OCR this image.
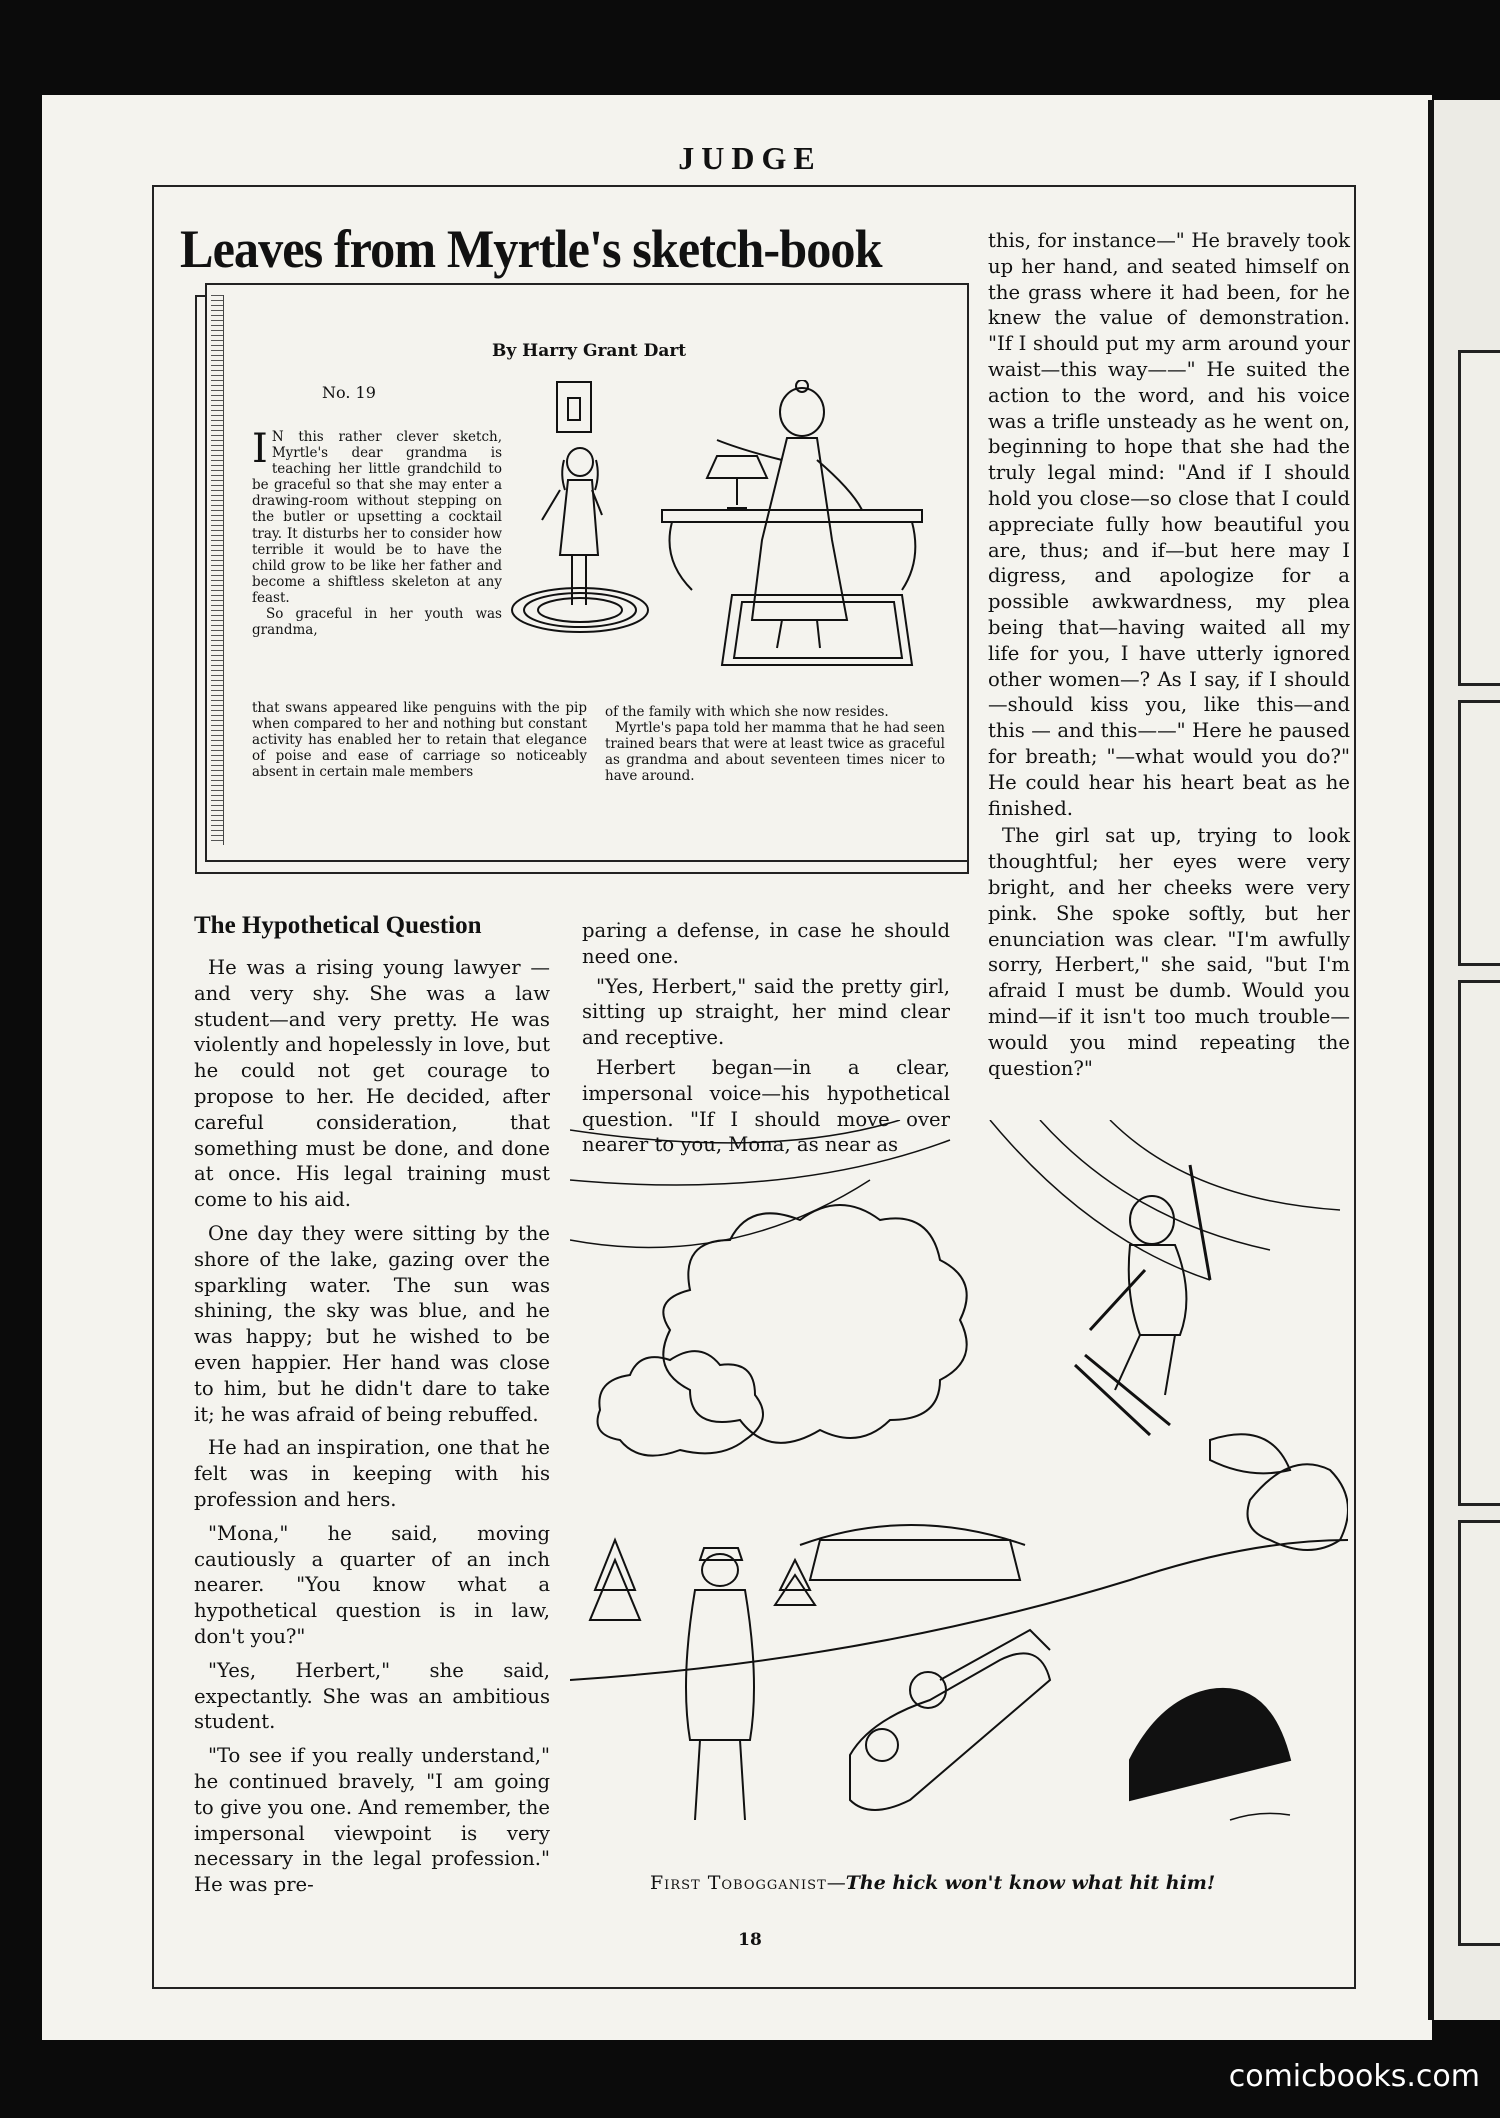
JUDGE
Leaves from Myrtle's sketch-book
By Harry Grant Dart
No. 19

I N this rather clever sketch, Myrtle's dear grandma is teaching her little grandchild to be graceful so that she may enter a drawing-room without stepping on the butler or upsetting a cocktail tray. It disturbs her to consider how terrible it would be to have the child grow to be like her father and become a shiftless skeleton at any feast.

So graceful in her youth was grandma,

that swans appeared like penguins with the pip when compared to her and nothing but constant activity has enabled her to retain that elegance of poise and ease of carriage so noticeably absent in certain male members

of the family with which she now resides.

Myrtle's papa told her mamma that he had seen trained bears that were at least twice as graceful as grandma and about seventeen times nicer to have around.

The Hypothetical Question

He was a rising young lawyer —and very shy. She was a law student—and very pretty. He was violently and hopelessly in love, but he could not get courage to propose to her. He decided, after careful consideration, that something must be done, and done at once. His legal training must come to his aid.

One day they were sitting by the shore of the lake, gazing over the sparkling water. The sun was shining, the sky was blue, and he was happy; but he wished to be even happier. Her hand was close to him, but he didn't dare to take it; he was afraid of being rebuffed.

He had an inspiration, one that he felt was in keeping with his profession and hers.

"Mona," he said, moving cautiously a quarter of an inch nearer. "You know what a hypothetical question is in law, don't you?"

"Yes, Herbert," she said, expectantly. She was an ambitious student.

"To see if you really understand," he continued bravely, "I am going to give you one. And remember, the impersonal viewpoint is very necessary in the legal profession." He was pre-

paring a defense, in case he should need one.

"Yes, Herbert," said the pretty girl, sitting up straight, her mind clear and receptive.

Herbert began—in a clear, impersonal voice—his hypothetical question. "If I should move over nearer to you, Mona, as near as

this, for instance—" He bravely took up her hand, and seated himself on the grass where it had been, for he knew the value of demonstration. "If I should put my arm around your waist—this way——" He suited the action to the word, and his voice was a trifle unsteady as he went on, beginning to hope that she had the truly legal mind: "And if I should hold you close—so close that I could appreciate fully how beautiful you are, thus; and if—but here may I digress, and apologize for a possible awkwardness, my plea being that—having waited all my life for you, I have utterly ignored other women—? As I say, if I should —should kiss you, like this—and this — and this——" Here he paused for breath; "—what would you do?" He could hear his heart beat as he finished.

The girl sat up, trying to look thoughtful; her eyes were very bright, and her cheeks were very pink. She spoke softly, but her enunciation was clear. "I'm awfully sorry, Herbert," she said, "but I'm afraid I must be dumb. Would you mind—if it isn't too much trouble—would you mind repeating the question?"

First Tobogganist—The hick won't know what hit him!
18
comicbooks.com
